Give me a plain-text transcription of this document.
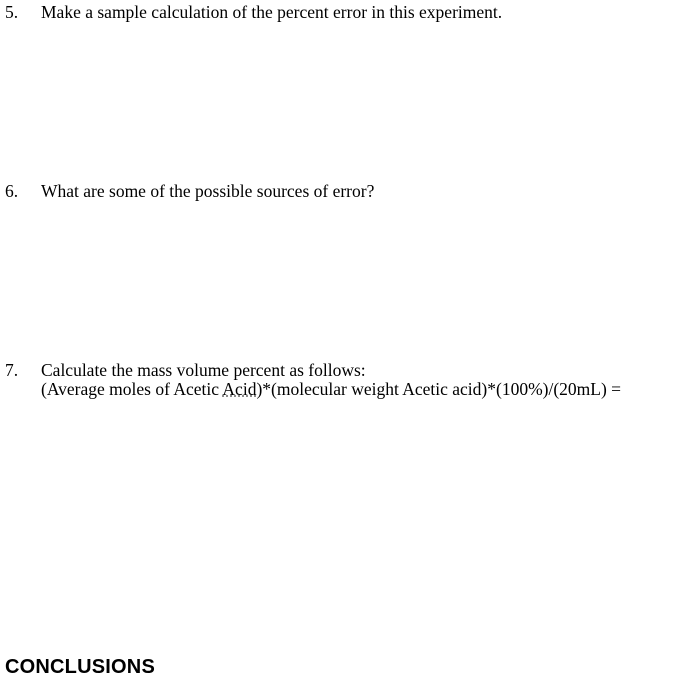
5. Make a sample calculation of the percent error in this experiment.
6. What are some of the possible sources of error?
7. Calculate the mass volume percent as follows:
(Average moles of Acetic Acid)*(molecular weight Acetic acid)*(100%)/(20mL) =
CONCLUSIONS
